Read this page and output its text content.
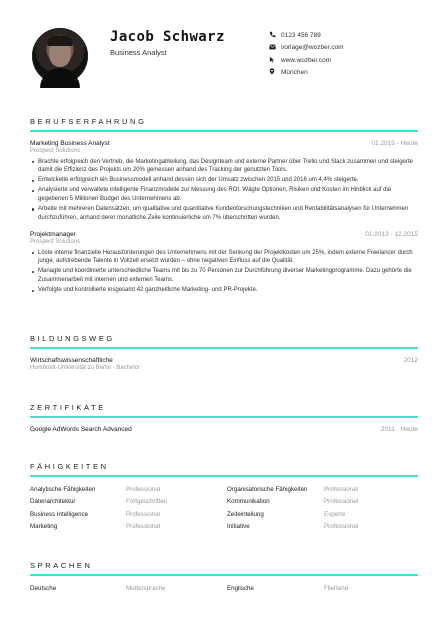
Jacob Schwarz
Business Analyst
0123 456 789
vorlage@wozber.com
www.wozber.com
München
BERUFSERFAHRUNG
Marketing Business Analyst	01.2015 - Heute
Prospect Solutions
Brachte erfolgreich den Vertrieb, die Marketingabteilung, das Designteam und externe Partner über Trello und Slack zusammen und steigerte damit die Effizienz des Projekts um 20% gemessen anhand des Tracking der genutzten Tools.
Entwickelte erfolgreich ein Businessmodell anhand dessen sich der Umsatz zwischen 2015 und 2016 um 4,4% steigerte.
Analysierte und verwaltete intelligente Finanzmodelle zur Messung des ROI. Wägte Optionen, Risiken und Kosten im Hinblick auf die gegebenen 5 Millionen Budget des Unternehmens ab.
Arbeite mit mehreren Datensätzen, um qualitative und quantitative Kundenforschungstechniken und Rentabilitätsanalysen für Unternehmen durchzuführen, anhand derer monatliche Zeile kontinuierliche um 7% überschritten wurden.
Projektmanager	01.2013 - 12.2015
Prospect Solutions
Löste interne finanzielle Herausforderungen des Unternehmens mit der Senkung der Projektkosten um 25%, indem externe Freelancer durch junge, aufstrebende Talente in Vollzeit ersetzt wurden – ohne negativen Einfluss auf die Qualität.
Managte und koordinierte unterschiedliche Teams mit bis zu 70 Personen zur Durchführung diverser Marketingprogramme. Dazu gehörte die Zusammenarbeit mit internen und externen Teams.
Verfolgte und kontrollierte insgesamt 42 ganzheitliche Marketing- und PR-Projekte.
BILDUNGSWEG
Wirtschaftswissenschaftliche	2012
Humboldt-Universität zu Berlin · Bachelor
ZERTIFIKATE
Google AdWords Search Advanced	2011 · Heute
FÄHIGKEITEN
Analytische Fähigkeiten	Professional	Organisatorische Fähigkeiten	Professional
Datenarchitektur	Fortgeschritten	Kommunikation	Professional
Business Intelligence	Professional	Zeiteinteilung	Experte
Marketing	Professional	Initiative	Professional
SPRACHEN
Deutsche	Muttersprache	Englische	Fließend
